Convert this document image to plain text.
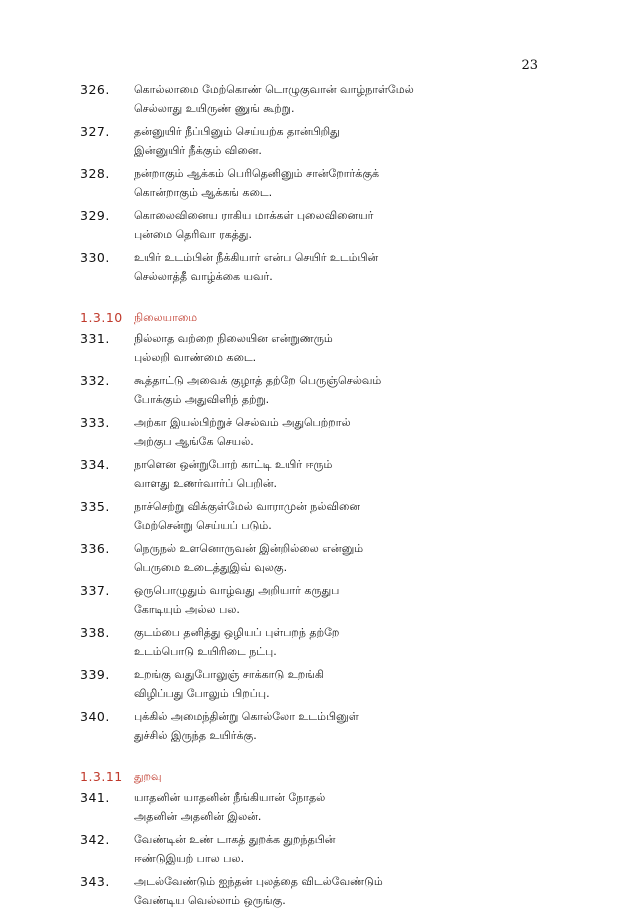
23
326.	கொல்லாமை மேற்கொண் டொழுகுவான் வாழ்நாள்மேல்
செல்லாது உயிருண் ணுங் கூற்று.
327.	தன்னுயிர் நீப்பினும் செய்யற்க தான்பிறிது
இன்னுயிர் நீக்கும் வினை.
328.	நன்றாகும் ஆக்கம் பெரிதெனினும் சான்றோர்க்குக்
கொன்றாகும் ஆக்கங் கடை.
329.	கொலைவினைய ராகிய மாக்கள் புலைவினையர்
புன்மை தெரிவா ரகத்து.
330.	உயிர் உடம்பின் நீக்கியார் என்ப செயிர் உடம்பின்
செல்லாத்தீ வாழ்க்கை யவர்.
1.3.10	நிலையாமை
331.	நில்லாத வற்றை நிலையின என்றுணரும்
புல்லறி வாண்மை கடை.
332.	கூத்தாட்டு அவைக் குழாத் தற்றே பெருஞ்செல்வம்
போக்கும் அதுவிளிந் தற்று.
333.	அற்கா இயல்பிற்றுச் செல்வம் அதுபெற்றால்
அற்குப ஆங்கே செயல்.
334.	நாளென ஒன்றுபோற் காட்டி உயிர் ஈரும்
வாளது உணர்வார்ப் பெறின்.
335.	நாச்செற்று விக்குள்மேல் வாராமுன் நல்வினை
மேற்சென்று செய்யப் படும்.
336.	நெருநல் உளனொருவன் இன்றில்லை என்னும்
பெருமை உடைத்துஇவ் வுலகு.
337.	ஒருபொழுதும் வாழ்வது அறியார் கருதுப
கோடியும் அல்ல பல.
338.	குடம்பை தனித்து ஒழியப் புள்பறந் தற்றே
உடம்பொடு உயிரிடை நட்பு.
339.	உறங்கு வதுபோலுஞ் சாக்காடு உறங்கி
விழிப்பது போலும் பிறப்பு.
340.	புக்கில் அமைந்தின்று கொல்லோ உடம்பினுள்
துச்சில் இருந்த உயிர்க்கு.
1.3.11	துறவு
341.	யாதனின் யாதனின் நீங்கியான் நோதல்
அதனின் அதனின் இலன்.
342.	வேண்டின் உண் டாகத் துறக்க துறந்தபின்
ஈண்டுஇயற் பால பல.
343.	அடல்வேண்டும் ஐந்தன் புலத்தை விடல்வேண்டும்
வேண்டிய வெல்லாம் ஒருங்கு.
